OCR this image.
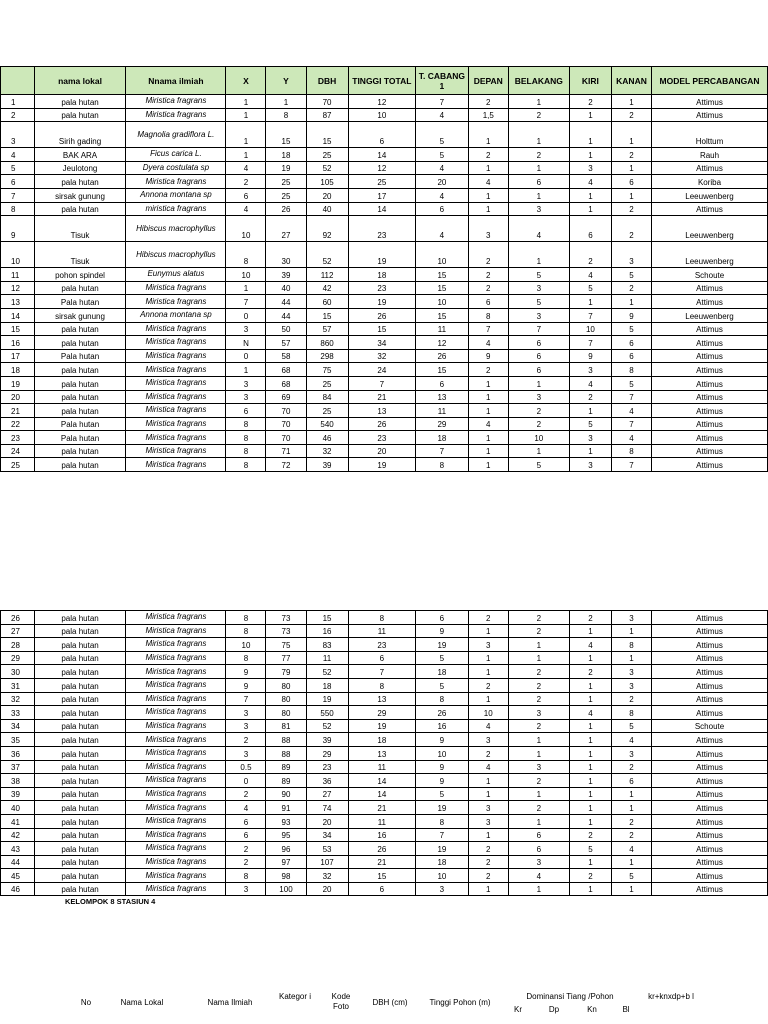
	nama lokal	Nnama ilmiah	X	Y	DBH	TINGGI TOTAL	T. CABANG 1	DEPAN	BELAKANG	KIRI	KANAN	MODEL PERCABANGAN
1	pala hutan	Miristica fragrans	1	1	70	12	7	2	1	2	1	Attimus
2	pala hutan	Miristica fragrans	1	8	87	10	4	1,5	2	1	2	Attimus
3	Sirih gading	Magnolia gradiflora L.	1	15	15	6	5	1	1	1	1	Holttum
4	BAK ARA	Ficus carica L.	1	18	25	14	5	2	2	1	2	Rauh
5	Jeulotong	Dyera costulata sp	4	19	52	12	4	1	1	3	1	Attimus
6	pala hutan	Miristica fragrans	2	25	105	25	20	4	6	4	6	Koriba
7	sirsak gunung	Annona montana sp	6	25	20	17	4	1	1	1	1	Leeuwenberg
8	pala hutan	miristica fragrans	4	26	40	14	6	1	3	1	2	Attimus
9	Tisuk	Hibiscus macrophyllus	10	27	92	23	4	3	4	6	2	Leeuwenberg
10	Tisuk	Hibiscus macrophyllus	8	30	52	19	10	2	1	2	3	Leeuwenberg
11	pohon spindel	Eunymus alatus	10	39	112	18	15	2	5	4	5	Schoute
12	pala hutan	Miristica fragrans	1	40	42	23	15	2	3	5	2	Attimus
13	Pala hutan	Miristica fragrans	7	44	60	19	10	6	5	1	1	Attimus
14	sirsak gunung	Annona montana sp	0	44	15	26	15	8	3	7	9	Leeuwenberg
15	pala hutan	Miristica fragrans	3	50	57	15	11	7	7	10	5	Attimus
16	pala hutan	Miristica fragrans	N	57	860	34	12	4	6	7	6	Attimus
17	Pala hutan	Miristica fragrans	0	58	298	32	26	9	6	9	6	Attimus
18	pala hutan	Miristica fragrans	1	68	75	24	15	2	6	3	8	Attimus
19	pala hutan	Miristica fragrans	3	68	25	7	6	1	1	4	5	Attimus
20	pala hutan	Miristica fragrans	3	69	84	21	13	1	3	2	7	Attimus
21	pala hutan	Miristica fragrans	6	70	25	13	11	1	2	1	4	Attimus
22	Pala hutan	Miristica fragrans	8	70	540	26	29	4	2	5	7	Attimus
23	Pala hutan	Miristica fragrans	8	70	46	23	18	1	10	3	4	Attimus
24	pala hutan	Miristica fragrans	8	71	32	20	7	1	1	1	8	Attimus
25	pala hutan	Miristica fragrans	8	72	39	19	8	1	5	3	7	Attimus
26	pala hutan	Miristica fragrans	8	73	15	8	6	2	2	2	3	Attimus
27	pala hutan	Miristica fragrans	8	73	16	11	9	1	2	1	1	Attimus
28	pala hutan	Miristica fragrans	10	75	83	23	19	3	1	4	8	Attimus
29	pala hutan	Miristica fragrans	8	77	11	6	5	1	1	1	1	Attimus
30	pala hutan	Miristica fragrans	9	79	52	7	18	1	2	2	3	Attimus
31	pala hutan	Miristica fragrans	9	80	18	8	5	2	2	1	3	Attimus
32	pala hutan	Miristica fragrans	7	80	19	13	8	1	2	1	2	Attimus
33	pala hutan	Miristica fragrans	3	80	550	29	26	10	3	4	8	Attimus
34	pala hutan	Miristica fragrans	3	81	52	19	16	4	2	1	5	Schoute
35	pala hutan	Miristica fragrans	2	88	39	18	9	3	1	1	4	Attimus
36	pala hutan	Miristica fragrans	3	88	29	13	10	2	1	1	3	Attimus
37	pala hutan	Miristica fragrans	0.5	89	23	11	9	4	3	1	2	Attimus
38	pala hutan	Miristica fragrans	0	89	36	14	9	1	2	1	6	Attimus
39	pala hutan	Miristica fragrans	2	90	27	14	5	1	1	1	1	Attimus
40	pala hutan	Miristica fragrans	4	91	74	21	19	3	2	1	1	Attimus
41	pala hutan	Miristica fragrans	6	93	20	11	8	3	1	1	2	Attimus
42	pala hutan	Miristica fragrans	6	95	34	16	7	1	6	2	2	Attimus
43	pala hutan	Miristica fragrans	2	96	53	26	19	2	6	5	4	Attimus
44	pala hutan	Miristica fragrans	2	97	107	21	18	2	3	1	1	Attimus
45	pala hutan	Miristica fragrans	8	98	32	15	10	2	4	2	5	Attimus
46	pala hutan	Miristica fragrans	3	100	20	6	3	1	1	1	1	Attimus
KELOMPOK 8 STASIUN 4
No	Nama Lokal	Nama Ilmiah
Kategor i	Kode Foto	DBH (cm)	Tinggi Pohon (m)
Dominansi Tiang /Pohon
Kr	Dp	Kn	Bl
kr+knxdp+b l
